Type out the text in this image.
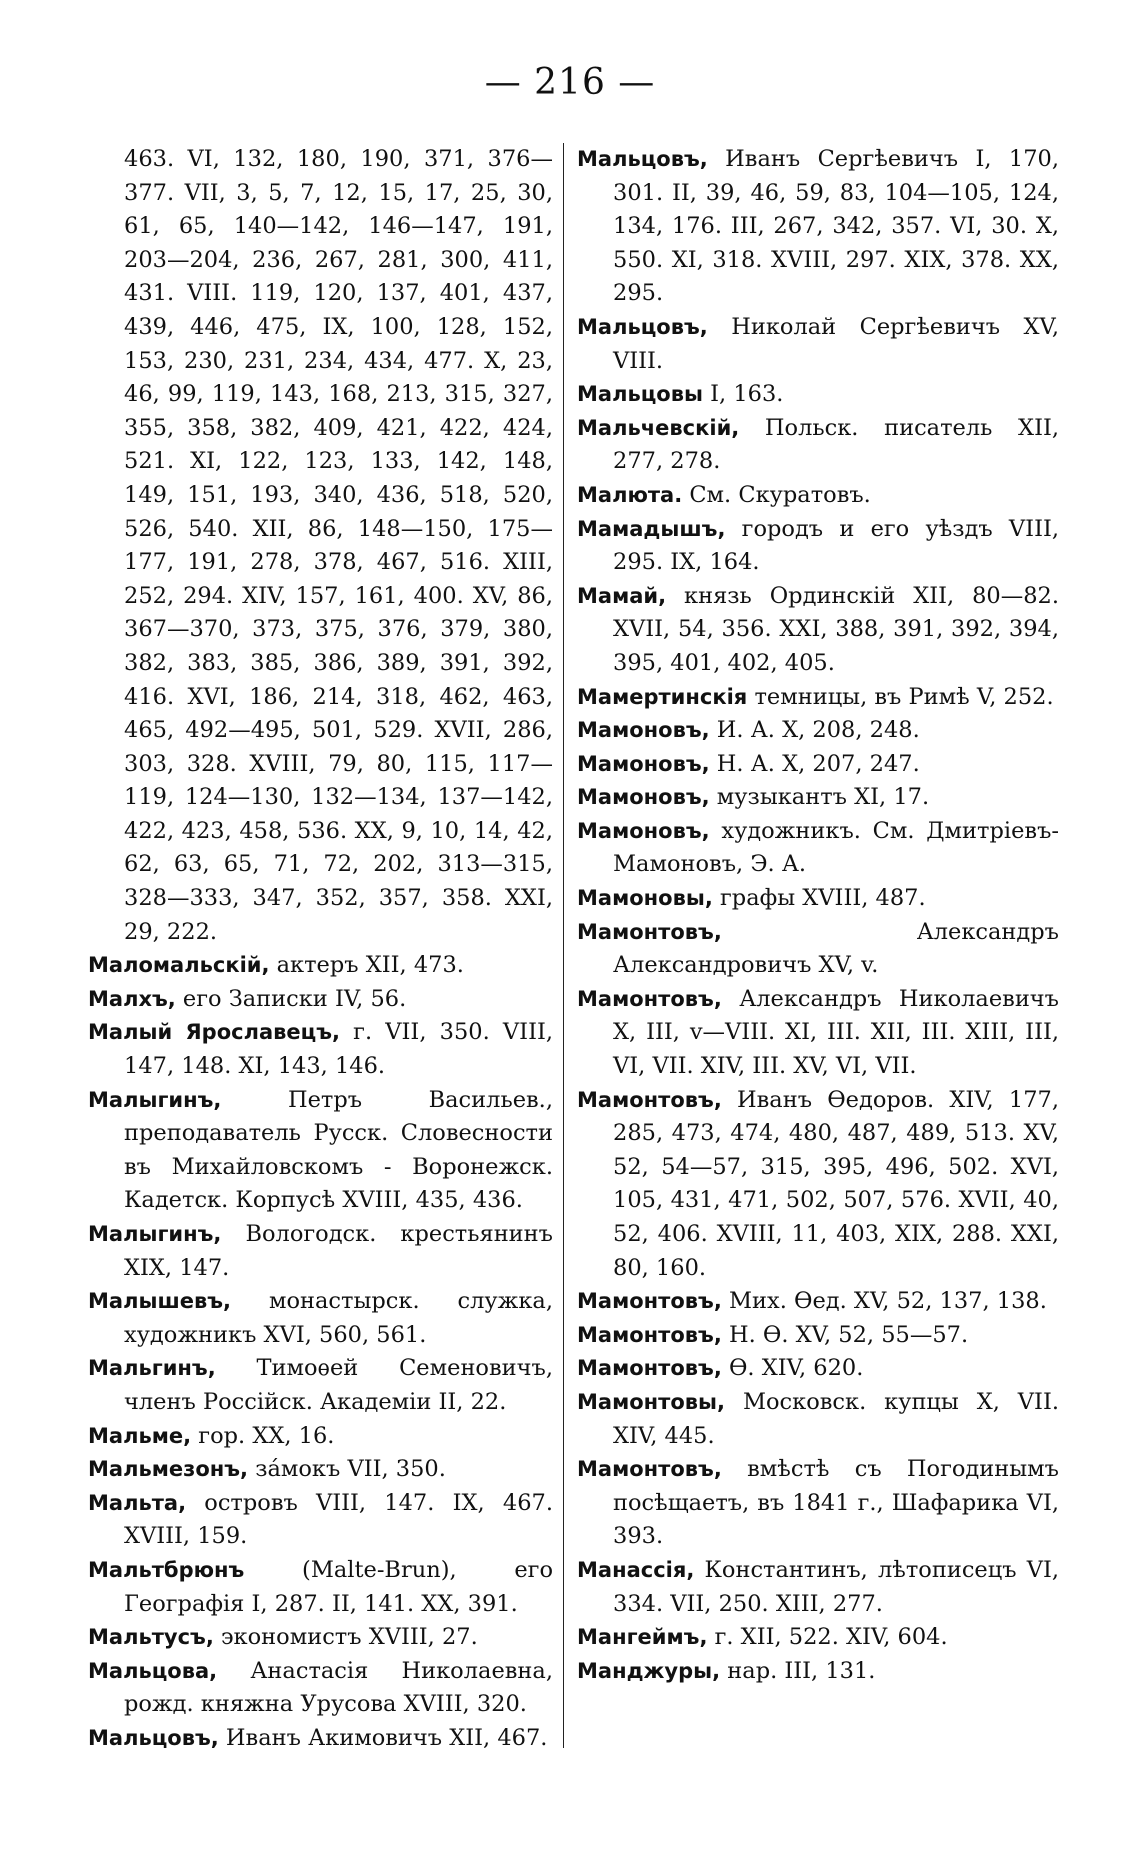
— 216 —
463. VI, 132, 180, 190, 371, 376—377. VII, 3, 5, 7, 12, 15, 17, 25, 30, 61, 65, 140—142, 146—147, 191, 203—204, 236, 267, 281, 300, 411, 431. VIII. 119, 120, 137, 401, 437, 439, 446, 475, IX, 100, 128, 152, 153, 230, 231, 234, 434, 477. X, 23, 46, 99, 119, 143, 168, 213, 315, 327, 355, 358, 382, 409, 421, 422, 424, 521. XI, 122, 123, 133, 142, 148, 149, 151, 193, 340, 436, 518, 520, 526, 540. XII, 86, 148—150, 175—177, 191, 278, 378, 467, 516. XIII, 252, 294. XIV, 157, 161, 400. XV, 86, 367—370, 373, 375, 376, 379, 380, 382, 383, 385, 386, 389, 391, 392, 416. XVI, 186, 214, 318, 462, 463, 465, 492—495, 501, 529. XVII, 286, 303, 328. XVIII, 79, 80, 115, 117—119, 124—130, 132—134, 137—142, 422, 423, 458, 536. XX, 9, 10, 14, 42, 62, 63, 65, 71, 72, 202, 313—315, 328—333, 347, 352, 357, 358. XXI, 29, 222.
Маломальскій, актеръ XII, 473.
Малхъ, его Записки IV, 56.
Малый Ярославецъ, г. VII, 350. VIII, 147, 148. XI, 143, 146.
Малыгинъ, Петръ Васильев., преподаватель Русск. Словесности въ Михайловскомъ - Воронежск. Кадетск. Корпусѣ XVIII, 435, 436.
Малыгинъ, Вологодск. крестьянинъ XIX, 147.
Малышевъ, монастырск. служка, художникъ XVI, 560, 561.
Мальгинъ, Тимоѳей Семеновичъ, членъ Россійск. Академіи II, 22.
Мальме, гор. XX, 16.
Мальмезонъ, зáмокъ VII, 350.
Мальта, островъ VIII, 147. IX, 467. XVIII, 159.
Мальтбрюнъ (Malte-Brun), его Географія I, 287. II, 141. XX, 391.
Мальтусъ, экономистъ XVIII, 27.
Мальцова, Анастасія Николаевна, рожд. княжна Урусова XVIII, 320.
Мальцовъ, Иванъ Акимовичъ XII, 467.
Мальцовъ, Иванъ Сергѣевичъ I, 170, 301. II, 39, 46, 59, 83, 104—105, 124, 134, 176. III, 267, 342, 357. VI, 30. X, 550. XI, 318. XVIII, 297. XIX, 378. XX, 295.
Мальцовъ, Николай Сергѣевичъ XV, VIII.
Мальцовы I, 163.
Мальчевскій, Польск. писатель XII, 277, 278.
Малюта. См. Скуратовъ.
Мамадышъ, городъ и его уѣздъ VIII, 295. IX, 164.
Мамай, князь Ординскій XII, 80—82. XVII, 54, 356. XXI, 388, 391, 392, 394, 395, 401, 402, 405.
Мамертинскія темницы, въ Римѣ V, 252.
Мамоновъ, И. А. X, 208, 248.
Мамоновъ, Н. А. X, 207, 247.
Мамоновъ, музыкантъ XI, 17.
Мамоновъ, художникъ. См. Дмитріевъ-Мамоновъ, Э. А.
Мамоновы, графы XVIII, 487.
Мамонтовъ, Александръ Александровичъ XV, v.
Мамонтовъ, Александръ Николаевичъ X, III, v—VIII. XI, III. XII, III. XIII, III, VI, VII. XIV, III. XV, VI, VII.
Мамонтовъ, Иванъ Ѳедоров. XIV, 177, 285, 473, 474, 480, 487, 489, 513. XV, 52, 54—57, 315, 395, 496, 502. XVI, 105, 431, 471, 502, 507, 576. XVII, 40, 52, 406. XVIII, 11, 403, XIX, 288. XXI, 80, 160.
Мамонтовъ, Мих. Ѳед. XV, 52, 137, 138.
Мамонтовъ, Н. Ѳ. XV, 52, 55—57.
Мамонтовъ, Ѳ. XIV, 620.
Мамонтовы, Московск. купцы X, VII. XIV, 445.
Мамонтовъ, вмѣстѣ съ Погодинымъ посѣщаетъ, въ 1841 г., Шафарика VI, 393.
Манассія, Константинъ, лѣтописецъ VI, 334. VII, 250. XIII, 277.
Мангеймъ, г. XII, 522. XIV, 604.
Манджуры, нар. III, 131.
